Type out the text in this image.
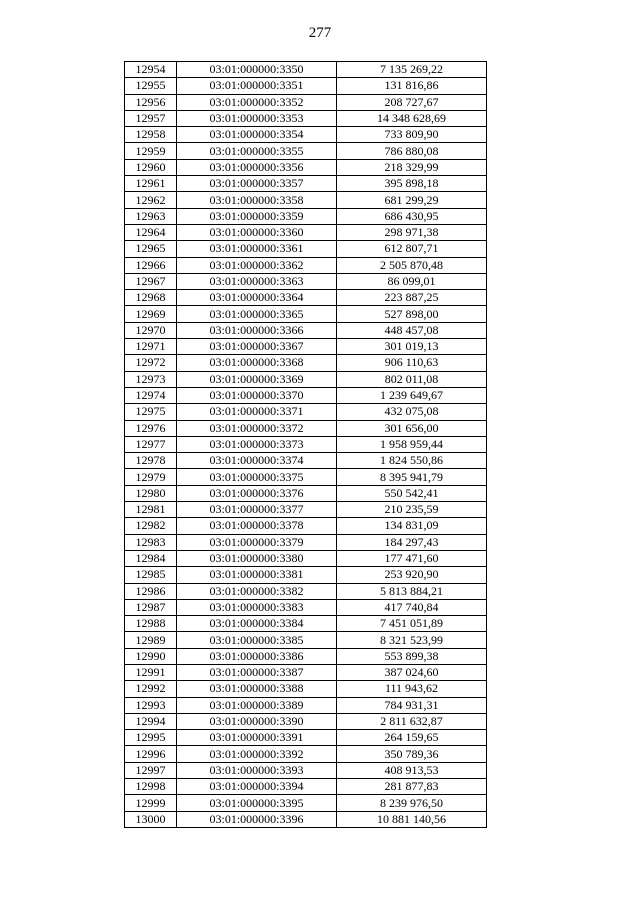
277
12954	03:01:000000:3350	7 135 269,22
12955	03:01:000000:3351	131 816,86
12956	03:01:000000:3352	208 727,67
12957	03:01:000000:3353	14 348 628,69
12958	03:01:000000:3354	733 809,90
12959	03:01:000000:3355	786 880,08
12960	03:01:000000:3356	218 329,99
12961	03:01:000000:3357	395 898,18
12962	03:01:000000:3358	681 299,29
12963	03:01:000000:3359	686 430,95
12964	03:01:000000:3360	298 971,38
12965	03:01:000000:3361	612 807,71
12966	03:01:000000:3362	2 505 870,48
12967	03:01:000000:3363	86 099,01
12968	03:01:000000:3364	223 887,25
12969	03:01:000000:3365	527 898,00
12970	03:01:000000:3366	448 457,08
12971	03:01:000000:3367	301 019,13
12972	03:01:000000:3368	906 110,63
12973	03:01:000000:3369	802 011,08
12974	03:01:000000:3370	1 239 649,67
12975	03:01:000000:3371	432 075,08
12976	03:01:000000:3372	301 656,00
12977	03:01:000000:3373	1 958 959,44
12978	03:01:000000:3374	1 824 550,86
12979	03:01:000000:3375	8 395 941,79
12980	03:01:000000:3376	550 542,41
12981	03:01:000000:3377	210 235,59
12982	03:01:000000:3378	134 831,09
12983	03:01:000000:3379	184 297,43
12984	03:01:000000:3380	177 471,60
12985	03:01:000000:3381	253 920,90
12986	03:01:000000:3382	5 813 884,21
12987	03:01:000000:3383	417 740,84
12988	03:01:000000:3384	7 451 051,89
12989	03:01:000000:3385	8 321 523,99
12990	03:01:000000:3386	553 899,38
12991	03:01:000000:3387	387 024,60
12992	03:01:000000:3388	111 943,62
12993	03:01:000000:3389	784 931,31
12994	03:01:000000:3390	2 811 632,87
12995	03:01:000000:3391	264 159,65
12996	03:01:000000:3392	350 789,36
12997	03:01:000000:3393	408 913,53
12998	03:01:000000:3394	281 877,83
12999	03:01:000000:3395	8 239 976,50
13000	03:01:000000:3396	10 881 140,56
